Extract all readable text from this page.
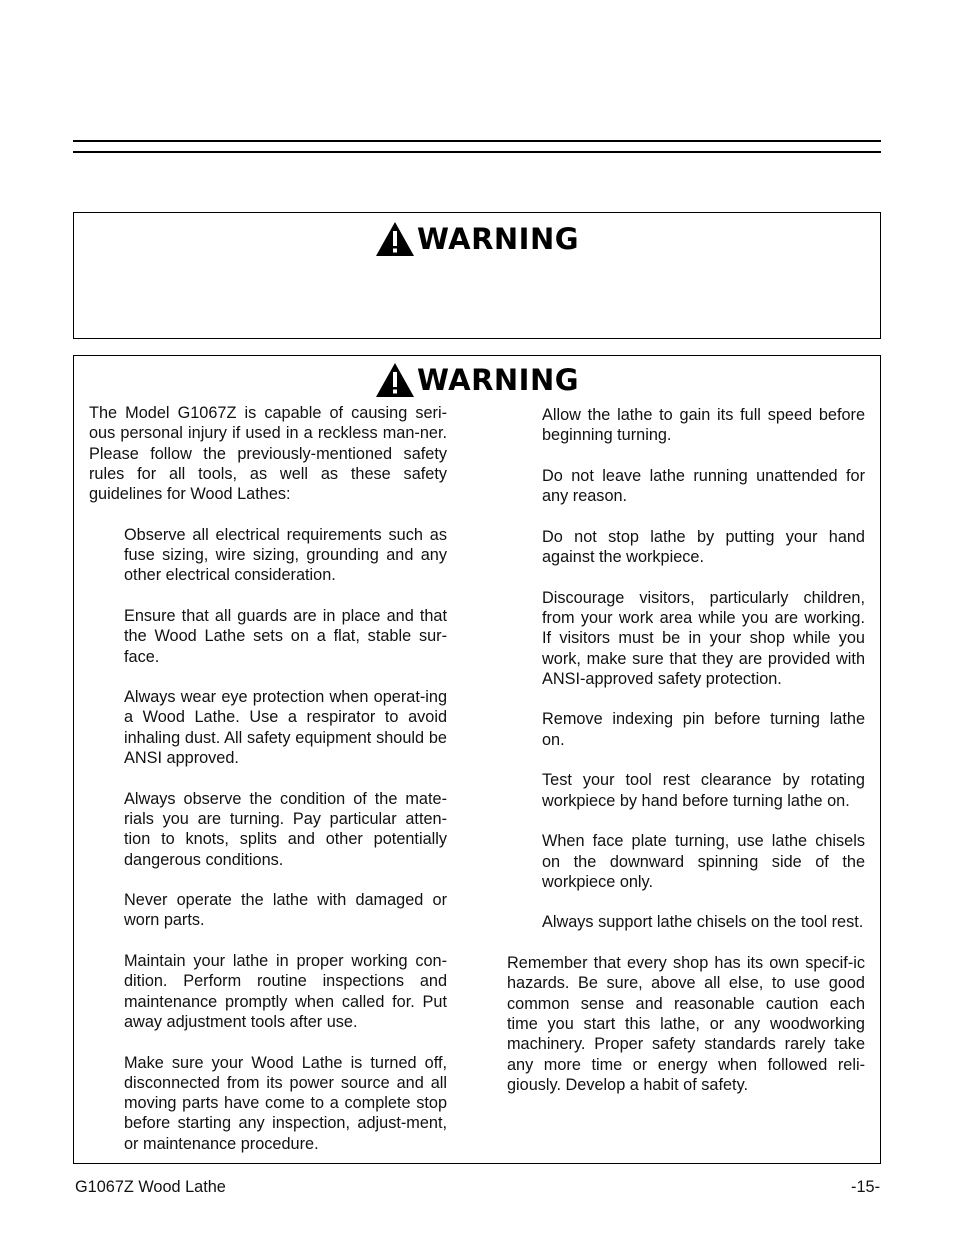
WARNING
WARNING

The Model G1067Z is capable of causing seri-ous personal injury if used in a reckless man-ner. Please follow the previously-mentioned safety rules for all tools, as well as these safety guidelines for Wood Lathes:

Observe all electrical requirements such as fuse sizing, wire sizing, grounding and any other electrical consideration.

Ensure that all guards are in place and that the Wood Lathe sets on a flat, stable sur-face.

Always wear eye protection when operat-ing a Wood Lathe. Use a respirator to avoid inhaling dust. All safety equipment should be ANSI approved.

Always observe the condition of the mate-rials you are turning. Pay particular atten-tion to knots, splits and other potentially dangerous conditions.

Never operate the lathe with damaged or worn parts.

Maintain your lathe in proper working con-dition. Perform routine inspections and maintenance promptly when called for. Put away adjustment tools after use.

Make sure your Wood Lathe is turned off, disconnected from its power source and all moving parts have come to a complete stop before starting any inspection, adjust-ment, or maintenance procedure.

Allow the lathe to gain its full speed before beginning turning.

Do not leave lathe running unattended for any reason.

Do not stop lathe by putting your hand against the workpiece.

Discourage visitors, particularly children, from your work area while you are working. If visitors must be in your shop while you work, make sure that they are provided with ANSI-approved safety protection.

Remove indexing pin before turning lathe on.

Test your tool rest clearance by rotating workpiece by hand before turning lathe on.

When face plate turning, use lathe chisels on the downward spinning side of the workpiece only.

Always support lathe chisels on the tool rest.

Remember that every shop has its own specif-ic hazards. Be sure, above all else, to use good common sense and reasonable caution each time you start this lathe, or any woodworking machinery. Proper safety standards rarely take any more time or energy when followed reli-giously. Develop a habit of safety.

G1067Z Wood Lathe	-15-
